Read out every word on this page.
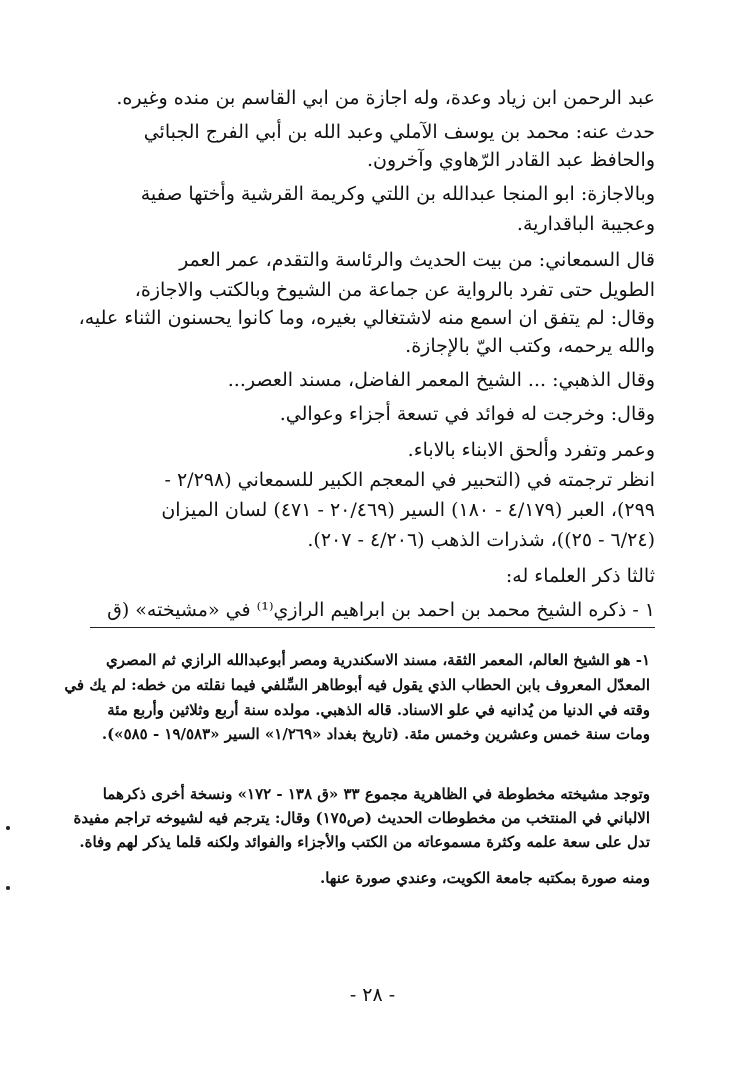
عبد الرحمن ابن زياد وعدة، وله اجازة من ابي القاسم بن منده وغيره.
حدث عنه: محمد بن يوسف الآملي وعبد الله بن أبي الفرج الجبائي
والحافظ عبد القادر الرّهاوي وآخرون.
وبالاجازة: ابو المنجا عبدالله بن اللتي وكريمة القرشية وأختها صفية
وعجيبة الباقدارية.
قال السمعاني: من بيت الحديث والرئاسة والتقدم، عمر العمر
الطويل حتى تفرد بالرواية عن جماعة من الشيوخ وبالكتب والاجازة،
وقال: لم يتفق ان اسمع منه لاشتغالي بغيره، وما كانوا يحسنون الثناء عليه،
والله يرحمه، وكتب اليّ بالإجازة.
وقال الذهبي: ... الشيخ المعمر الفاضل، مسند العصر...
وقال: وخرجت له فوائد في تسعة أجزاء وعوالي.
وعمر وتفرد وألحق الابناء بالاباء.
انظر ترجمته في (التحبير في المعجم الكبير للسمعاني (٢/٢٩٨ -
٢٩٩)، العبر (٤/١٧٩ - ١٨٠) السير (٢٠/٤٦٩ - ٤٧١) لسان الميزان
(٦/٢٤ - ٢٥))، شذرات الذهب (٤/٢٠٦ - ٢٠٧).
ثالثا ذكر العلماء له:
١ - ذكره الشيخ محمد بن احمد بن ابراهيم الرازي⁽¹⁾ في «مشيخته» (ق
١- هو الشيخ العالم، المعمر الثقة، مسند الاسكندرية ومصر أبوعبدالله الرازي ثم المصري
المعدّل المعروف بابن الحطاب الذي يقول فيه أبوطاهر السِّلفي فيما نقلته من خطه: لم يك في
وقته في الدنيا من يُدانيه في علو الاسناد. قاله الذهبي. مولده سنة أربع وثلاثين وأربع مئة
ومات سنة خمس وعشرين وخمس مئة. (تاريخ بغداد «١/٢٦٩» السير «١٩/٥٨٣ - ٥٨٥»).
وتوجد مشيخته مخطوطة في الظاهرية مجموع ٣٣ «ق ١٣٨ - ١٧٢» ونسخة أخرى ذكرهما
الالباني في المنتخب من مخطوطات الحديث (ص١٧٥) وقال: يترجم فيه لشيوخه تراجم مفيدة
تدل على سعة علمه وكثرة مسموعاته من الكتب والأجزاء والفوائد ولكنه قلما يذكر لهم وفاة.
ومنه صورة بمكتبه جامعة الكويت، وعندي صورة عنها.
- ٢٨ -
